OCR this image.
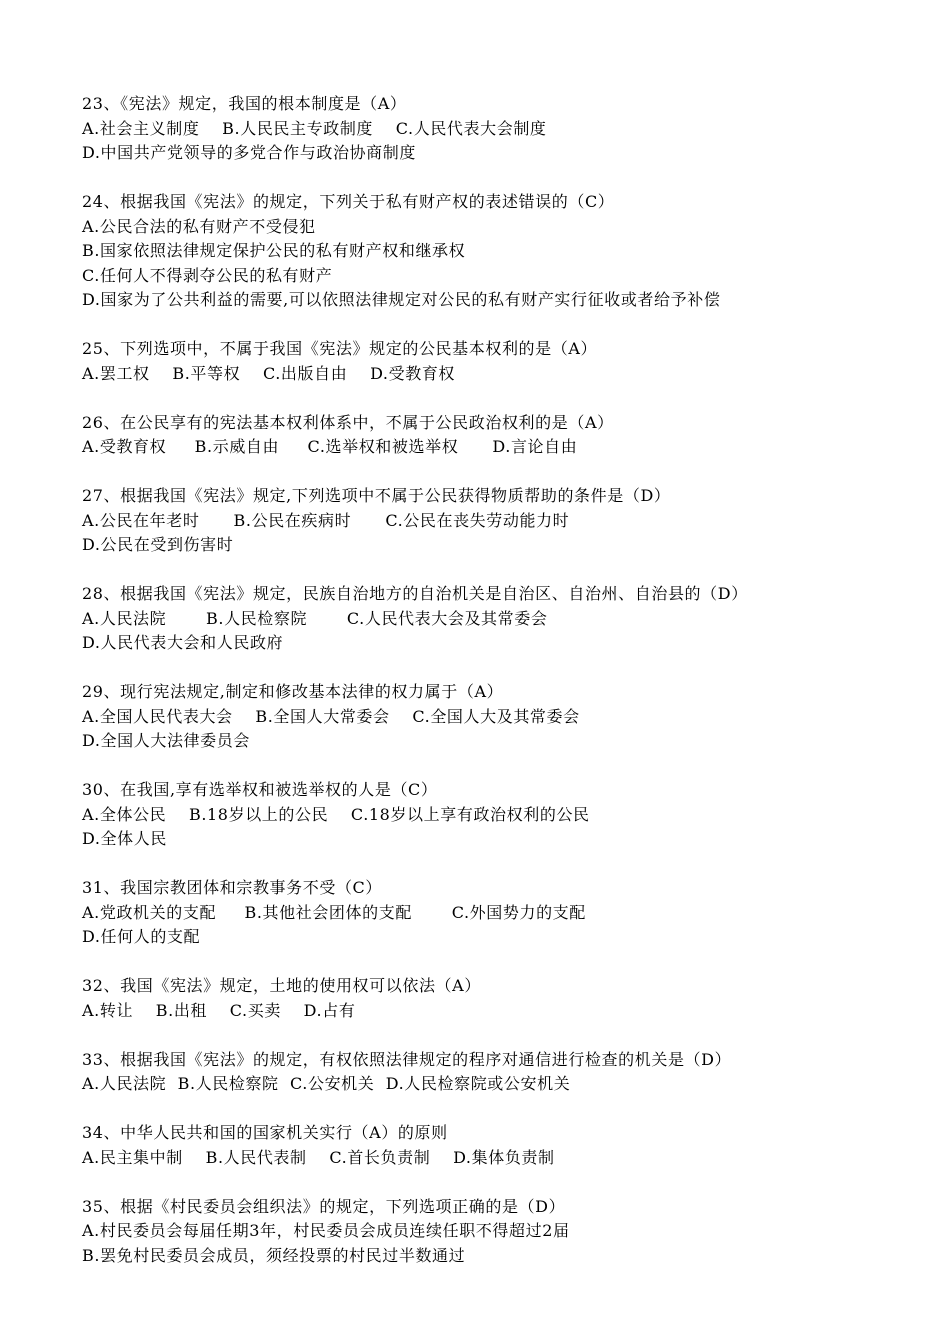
23、《宪法》规定，我国的根本制度是（A）
A.社会主义制度    B.人民民主专政制度    C.人民代表大会制度
D.中国共产党领导的多党合作与政治协商制度
24、根据我国《宪法》的规定，下列关于私有财产权的表述错误的（C）
A.公民合法的私有财产不受侵犯
B.国家依照法律规定保护公民的私有财产权和继承权
C.任何人不得剥夺公民的私有财产
D.国家为了公共利益的需要,可以依照法律规定对公民的私有财产实行征收或者给予补偿
25、下列选项中，不属于我国《宪法》规定的公民基本权利的是（A）
A.罢工权    B.平等权    C.出版自由    D.受教育权
26、在公民享有的宪法基本权利体系中，不属于公民政治权利的是（A）
A.受教育权     B.示威自由     C.选举权和被选举权      D.言论自由
27、根据我国《宪法》规定,下列选项中不属于公民获得物质帮助的条件是（D）
A.公民在年老时      B.公民在疾病时      C.公民在丧失劳动能力时
D.公民在受到伤害时
28、根据我国《宪法》规定，民族自治地方的自治机关是自治区、自治州、自治县的（D）
A.人民法院       B.人民检察院       C.人民代表大会及其常委会
D.人民代表大会和人民政府
29、现行宪法规定,制定和修改基本法律的权力属于（A）
A.全国人民代表大会    B.全国人大常委会    C.全国人大及其常委会
D.全国人大法律委员会
30、在我国,享有选举权和被选举权的人是（C）
A.全体公民    B.18岁以上的公民    C.18岁以上享有政治权利的公民
D.全体人民
31、我国宗教团体和宗教事务不受（C）
A.党政机关的支配     B.其他社会团体的支配       C.外国势力的支配
D.任何人的支配
32、我国《宪法》规定，土地的使用权可以依法（A）
A.转让    B.出租    C.买卖    D.占有
33、根据我国《宪法》的规定，有权依照法律规定的程序对通信进行检查的机关是（D）
A.人民法院  B.人民检察院  C.公安机关  D.人民检察院或公安机关
34、中华人民共和国的国家机关实行（A）的原则
A.民主集中制    B.人民代表制    C.首长负责制    D.集体负责制
35、根据《村民委员会组织法》的规定，下列选项正确的是（D）
A.村民委员会每届任期3年，村民委员会成员连续任职不得超过2届
B.罢免村民委员会成员，须经投票的村民过半数通过
